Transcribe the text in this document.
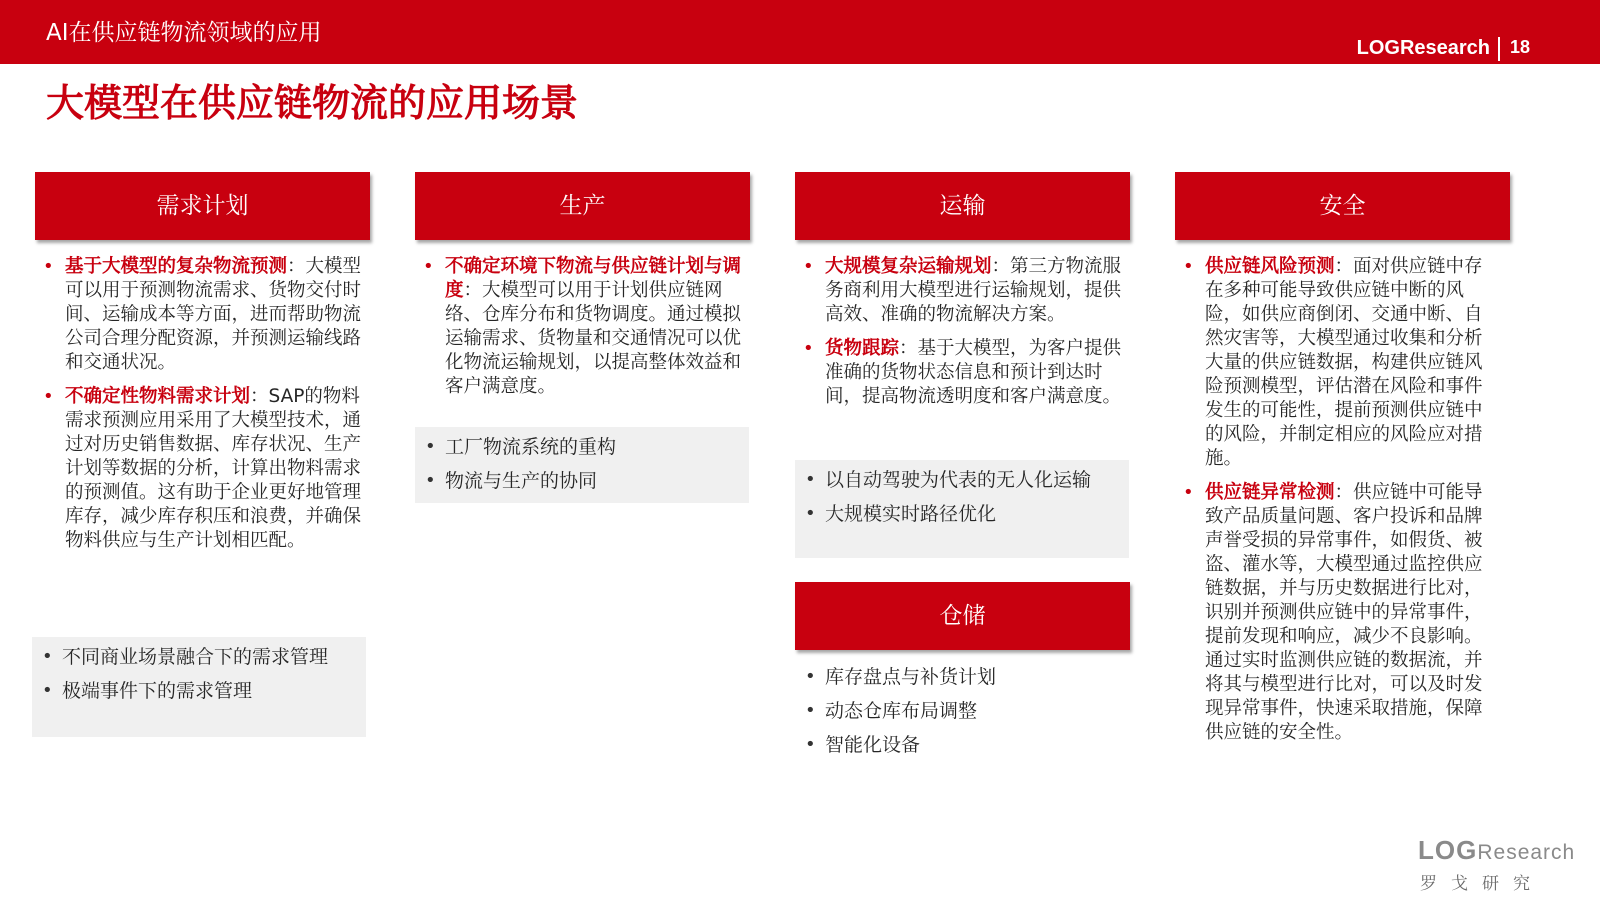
AI在供应链物流领域的应用
LOGResearch 18
大模型在供应链物流的应用场景
需求计划
• 基于大模型的复杂物流预测：大模型可以用于预测物流需求、货物交付时间、运输成本等方面，进而帮助物流公司合理分配资源，并预测运输线路和交通状况。
• 不确定性物料需求计划：SAP的物料需求预测应用采用了大模型技术，通过对历史销售数据、库存状况、生产计划等数据的分析，计算出物料需求的预测值。这有助于企业更好地管理库存，减少库存积压和浪费，并确保物料供应与生产计划相匹配。
• 不同商业场景融合下的需求管理
• 极端事件下的需求管理
生产
• 不确定环境下物流与供应链计划与调度：大模型可以用于计划供应链网络、仓库分布和货物调度。通过模拟运输需求、货物量和交通情况可以优化物流运输规划，以提高整体效益和客户满意度。
• 工厂物流系统的重构
• 物流与生产的协同
运输
• 大规模复杂运输规划：第三方物流服务商利用大模型进行运输规划，提供高效、准确的物流解决方案。
• 货物跟踪：基于大模型，为客户提供准确的货物状态信息和预计到达时间，提高物流透明度和客户满意度。
• 以自动驾驶为代表的无人化运输
• 大规模实时路径优化
仓储
• 库存盘点与补货计划
• 动态仓库布局调整
• 智能化设备
安全
• 供应链风险预测：面对供应链中存在多种可能导致供应链中断的风险，如供应商倒闭、交通中断、自然灾害等，大模型通过收集和分析大量的供应链数据，构建供应链风险预测模型，评估潜在风险和事件发生的可能性，提前预测供应链中的风险，并制定相应的风险应对措施。
• 供应链异常检测：供应链中可能导致产品质量问题、客户投诉和品牌声誉受损的异常事件，如假货、被盗、灌水等，大模型通过监控供应链数据，并与历史数据进行比对，识别并预测供应链中的异常事件，提前发现和响应，减少不良影响。通过实时监测供应链的数据流，并将其与模型进行比对，可以及时发现异常事件，快速采取措施，保障供应链的安全性。
LOGResearch
罗戈研究
